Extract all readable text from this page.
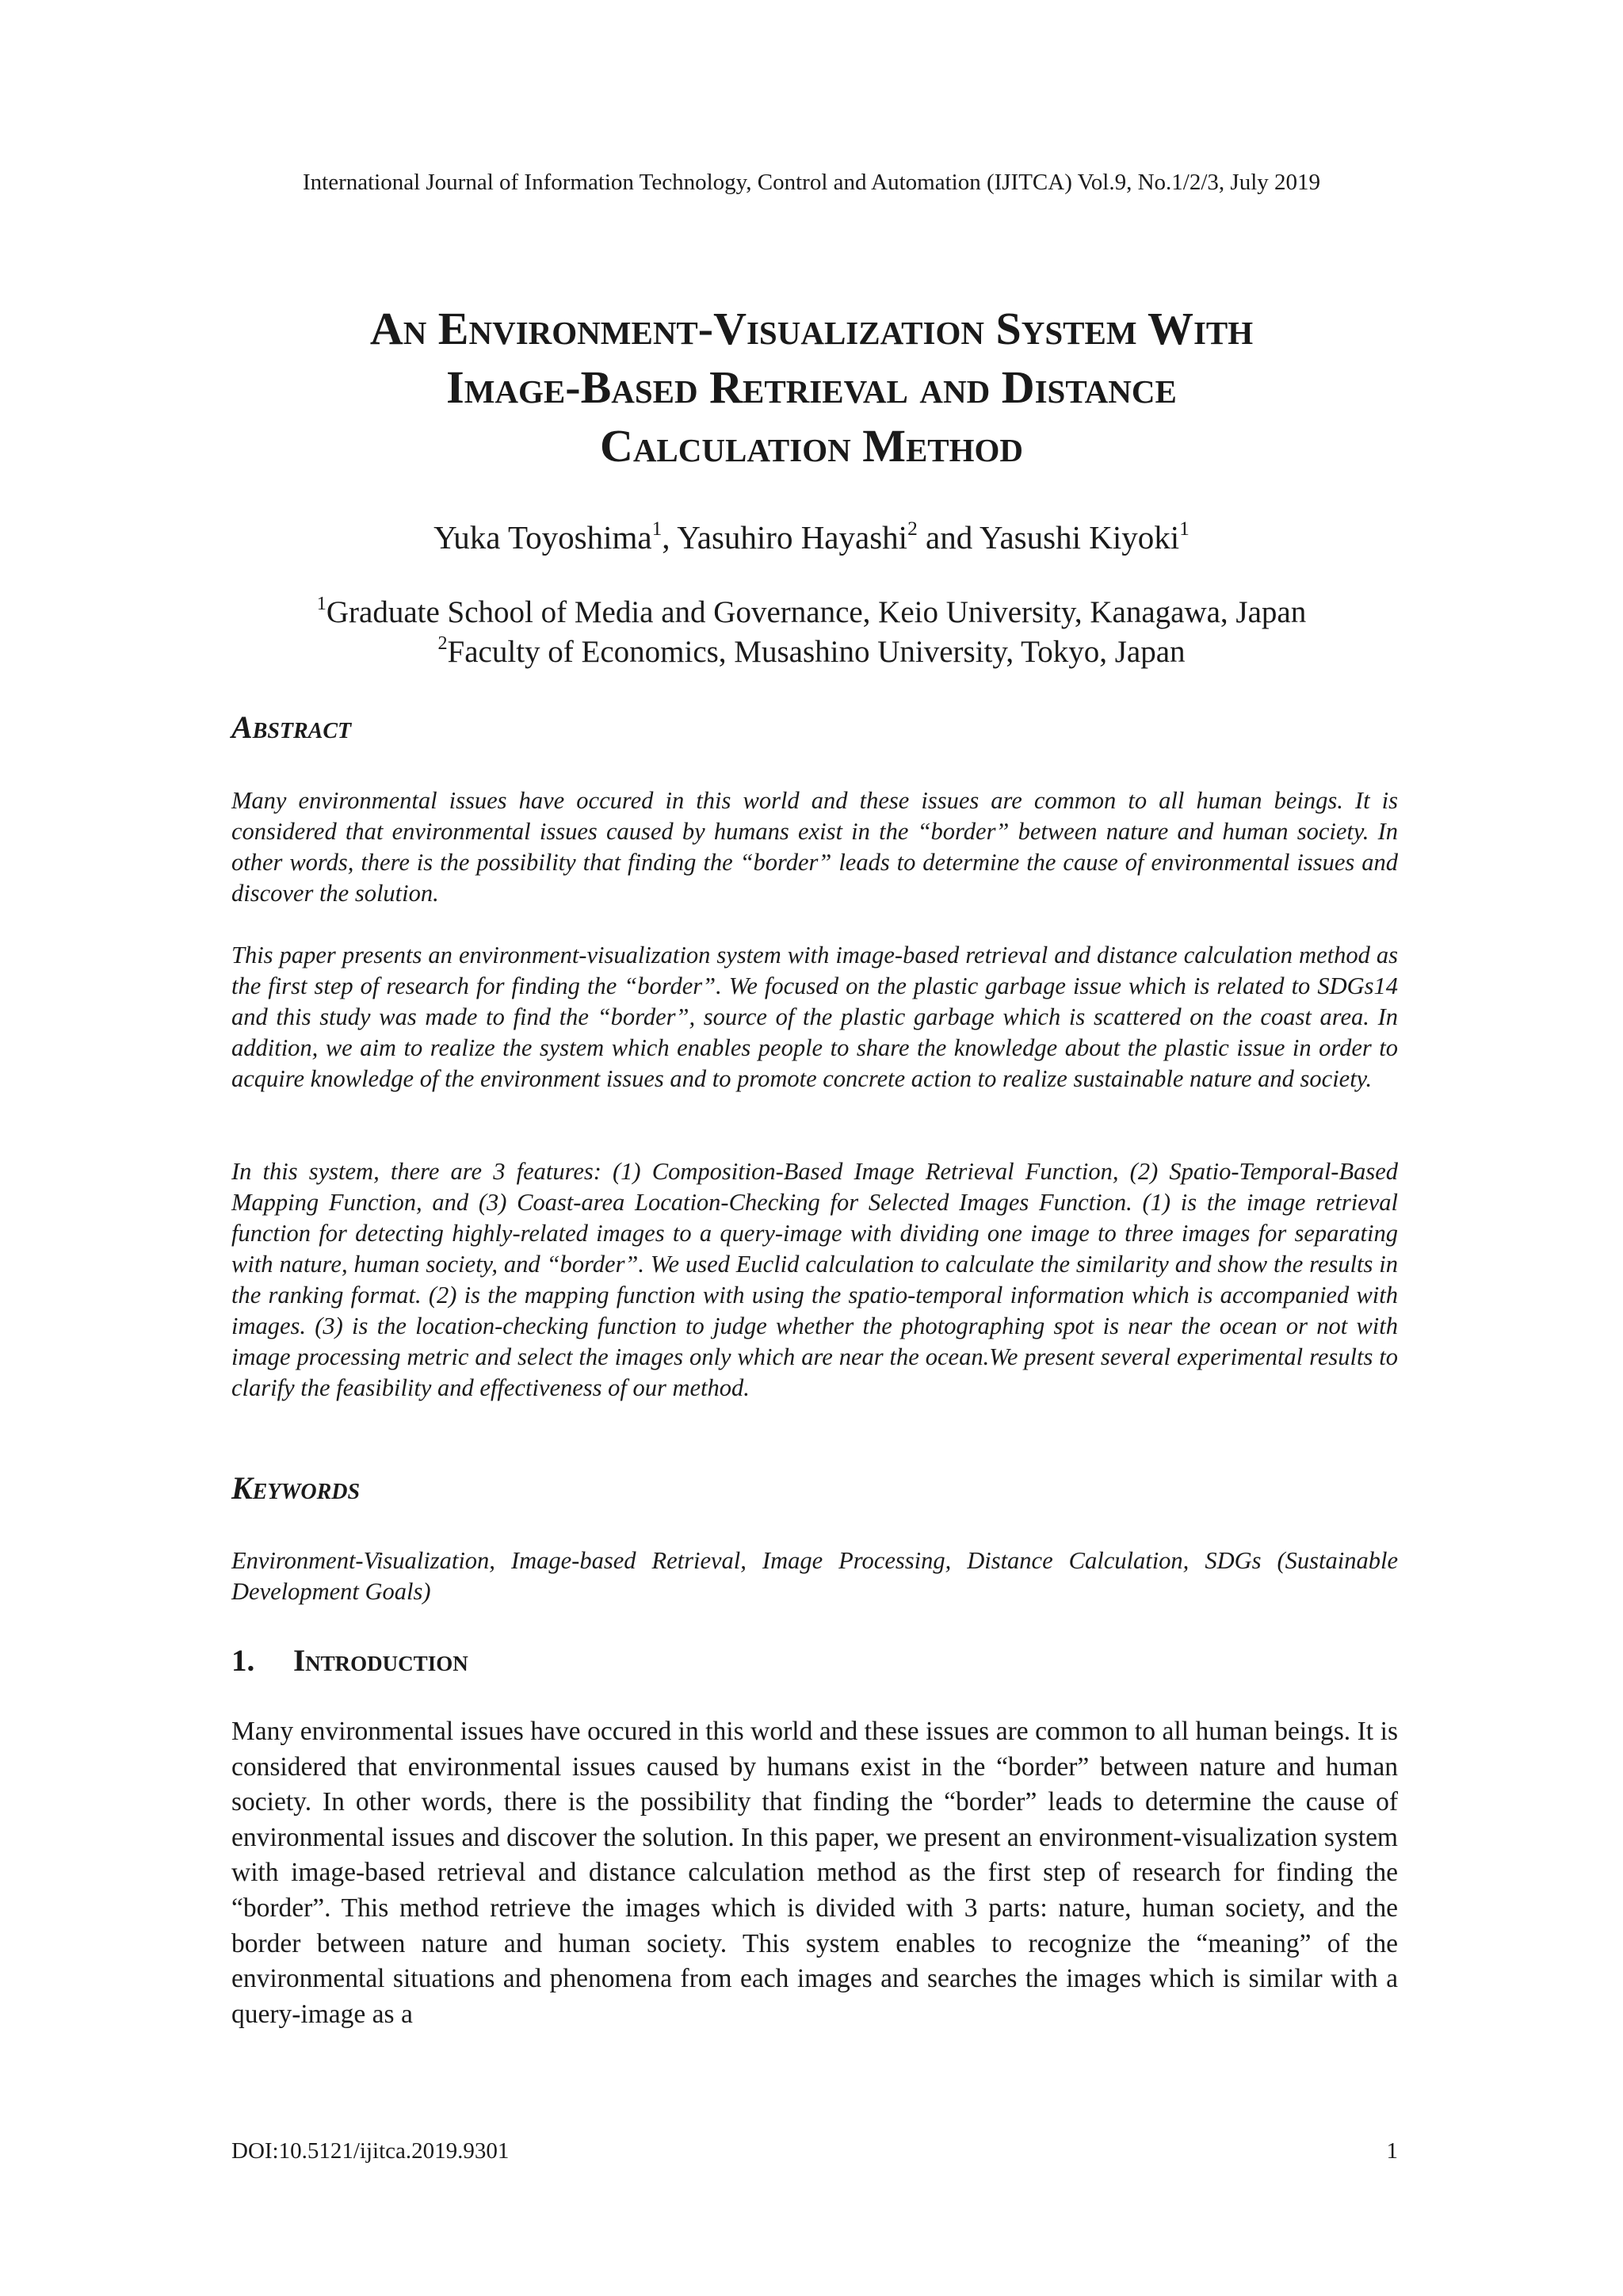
International Journal of Information Technology, Control and Automation (IJITCA) Vol.9, No.1/2/3, July 2019
An Environment-Visualization System With
Image-Based Retrieval and Distance
Calculation Method
Yuka Toyoshima$^1$, Yasuhiro Hayashi$^2$ and Yasushi Kiyoki$^1$
$^1$Graduate School of Media and Governance, Keio University, Kanagawa, Japan
$^2$Faculty of Economics, Musashino University, Tokyo, Japan
Abstract

Many environmental issues have occured in this world and these issues are common to all human beings. It is considered that environmental issues caused by humans exist in the “border” between nature and human society. In other words, there is the possibility that finding the “border” leads to determine the cause of environmental issues and discover the solution.

This paper presents an environment-visualization system with image-based retrieval and distance calculation method as the first step of research for finding the “border”. We focused on the plastic garbage issue which is related to SDGs14 and this study was made to find the “border”, source of the plastic garbage which is scattered on the coast area. In addition, we aim to realize the system which enables people to share the knowledge about the plastic issue in order to acquire knowledge of the environment issues and to promote concrete action to realize sustainable nature and society.

In this system, there are 3 features: (1) Composition-Based Image Retrieval Function, (2) Spatio-Temporal-Based Mapping Function, and (3) Coast-area Location-Checking for Selected Images Function. (1) is the image retrieval function for detecting highly-related images to a query-image with dividing one image to three images for separating with nature, human society, and “border”. We used Euclid calculation to calculate the similarity and show the results in the ranking format. (2) is the mapping function with using the spatio-temporal information which is accompanied with images. (3) is the location-checking function to judge whether the photographing spot is near the ocean or not with image processing metric and select the images only which are near the ocean.We present several experimental results to clarify the feasibility and effectiveness of our method.

Keywords

Environment-Visualization, Image-based Retrieval, Image Processing, Distance Calculation, SDGs (Sustainable Development Goals)

1. Introduction

Many environmental issues have occured in this world and these issues are common to all human beings. It is considered that environmental issues caused by humans exist in the “border” between nature and human society. In other words, there is the possibility that finding the “border” leads to determine the cause of environmental issues and discover the solution. In this paper, we present an environment-visualization system with image-based retrieval and distance calculation method as the first step of research for finding the “border”. This method retrieve the images which is divided with 3 parts: nature, human society, and the border between nature and human society. This system enables to recognize the “meaning” of the environmental situations and phenomena from each images and searches the images which is similar with a query-image as a

DOI:10.5121/ijitca.2019.9301	1
